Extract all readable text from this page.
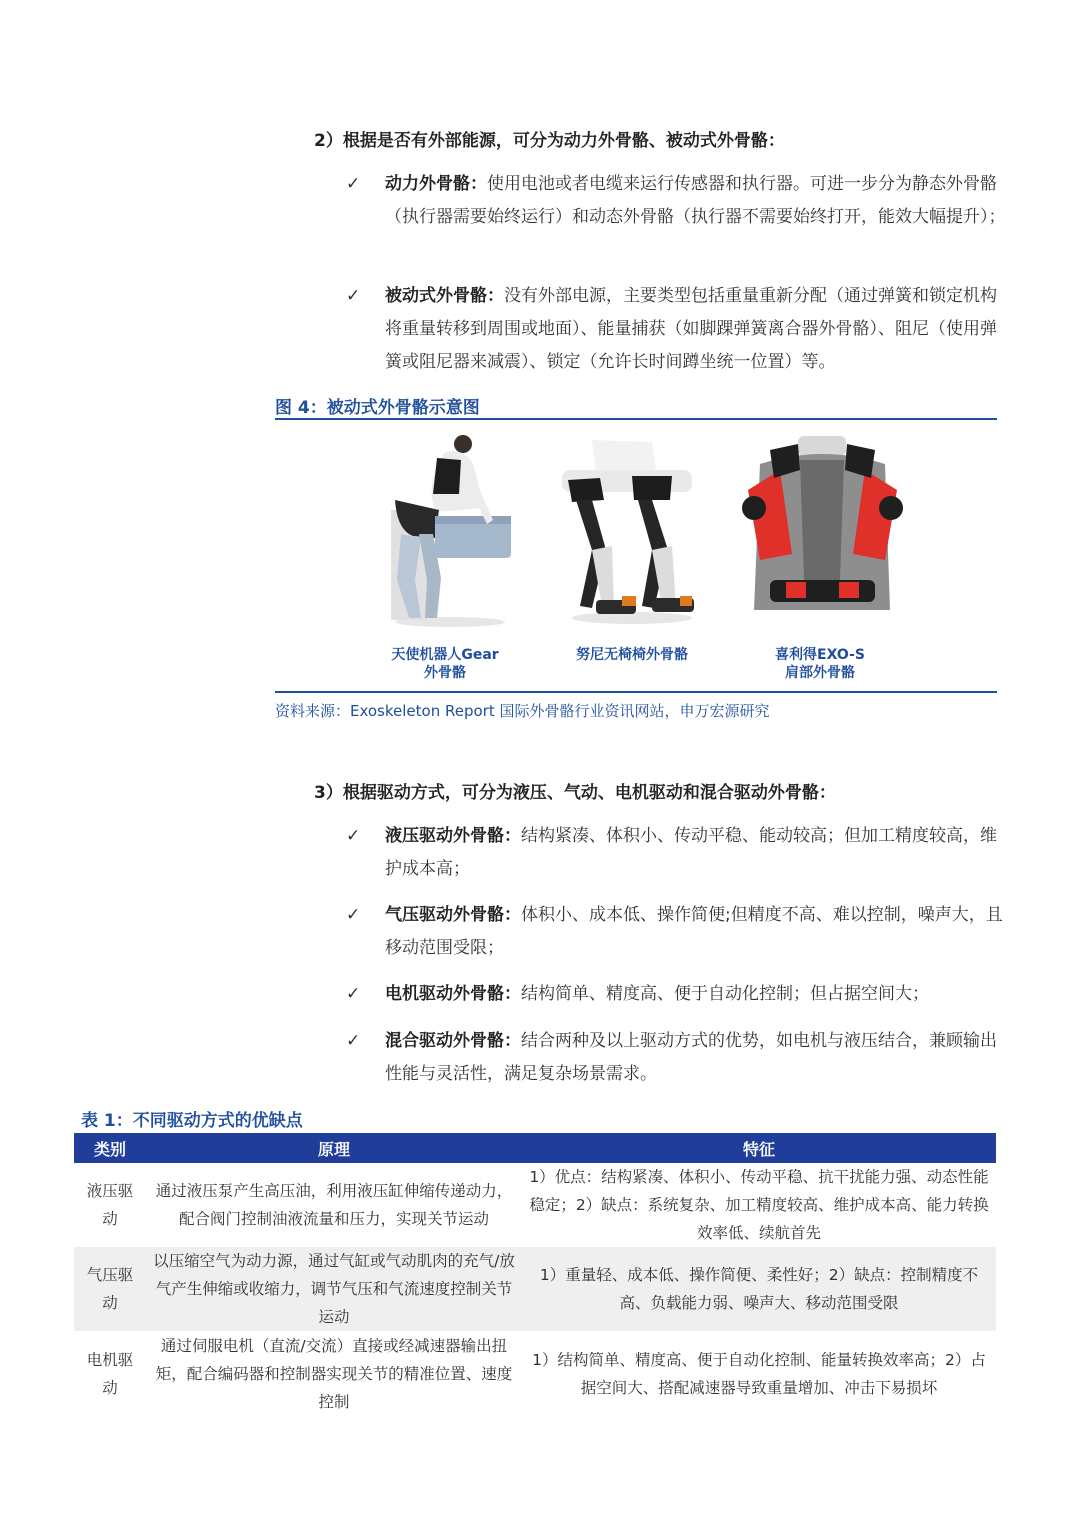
2）根据是否有外部能源，可分为动力外骨骼、被动式外骨骼：
✓	动力外骨骼：使用电池或者电缆来运行传感器和执行器。可进一步分为静态外骨骼（执行器需要始终运行）和动态外骨骼（执行器不需要始终打开，能效大幅提升）；
✓	被动式外骨骼：没有外部电源，主要类型包括重量重新分配（通过弹簧和锁定机构将重量转移到周围或地面）、能量捕获（如脚踝弹簧离合器外骨骼）、阻尼（使用弹簧或阻尼器来减震）、锁定（允许长时间蹲坐统一位置）等。
图 4：被动式外骨骼示意图
天使机器人Gear
外骨骼
努尼无椅椅外骨骼	喜利得EXO-S
肩部外骨骼
资料来源：Exoskeleton Report 国际外骨骼行业资讯网站，申万宏源研究
3）根据驱动方式，可分为液压、气动、电机驱动和混合驱动外骨骼：
✓	液压驱动外骨骼：结构紧凑、体积小、传动平稳、能动较高；但加工精度较高，维护成本高；
✓	气压驱动外骨骼：体积小、成本低、操作简便;但精度不高、难以控制，噪声大，且移动范围受限；
✓	电机驱动外骨骼：结构简单、精度高、便于自动化控制；但占据空间大；
✓	混合驱动外骨骼：结合两种及以上驱动方式的优势，如电机与液压结合，兼顾输出性能与灵活性，满足复杂场景需求。
表 1：不同驱动方式的优缺点
类别	原理	特征
液压驱动	通过液压泵产生高压油，利用液压缸伸缩传递动力，配合阀门控制油液流量和压力，实现关节运动	1）优点：结构紧凑、体积小、传动平稳、抗干扰能力强、动态性能稳定；2）缺点：系统复杂、加工精度较高、维护成本高、能力转换效率低、续航首先
气压驱动	以压缩空气为动力源，通过气缸或气动肌肉的充气/放气产生伸缩或收缩力，调节气压和气流速度控制关节运动	1）重量轻、成本低、操作简便、柔性好；2）缺点：控制精度不高、负载能力弱、噪声大、移动范围受限
电机驱动	通过伺服电机（直流/交流）直接或经减速器输出扭矩，配合编码器和控制器实现关节的精准位置、速度控制	1）结构简单、精度高、便于自动化控制、能量转换效率高；2）占据空间大、搭配减速器导致重量增加、冲击下易损坏
